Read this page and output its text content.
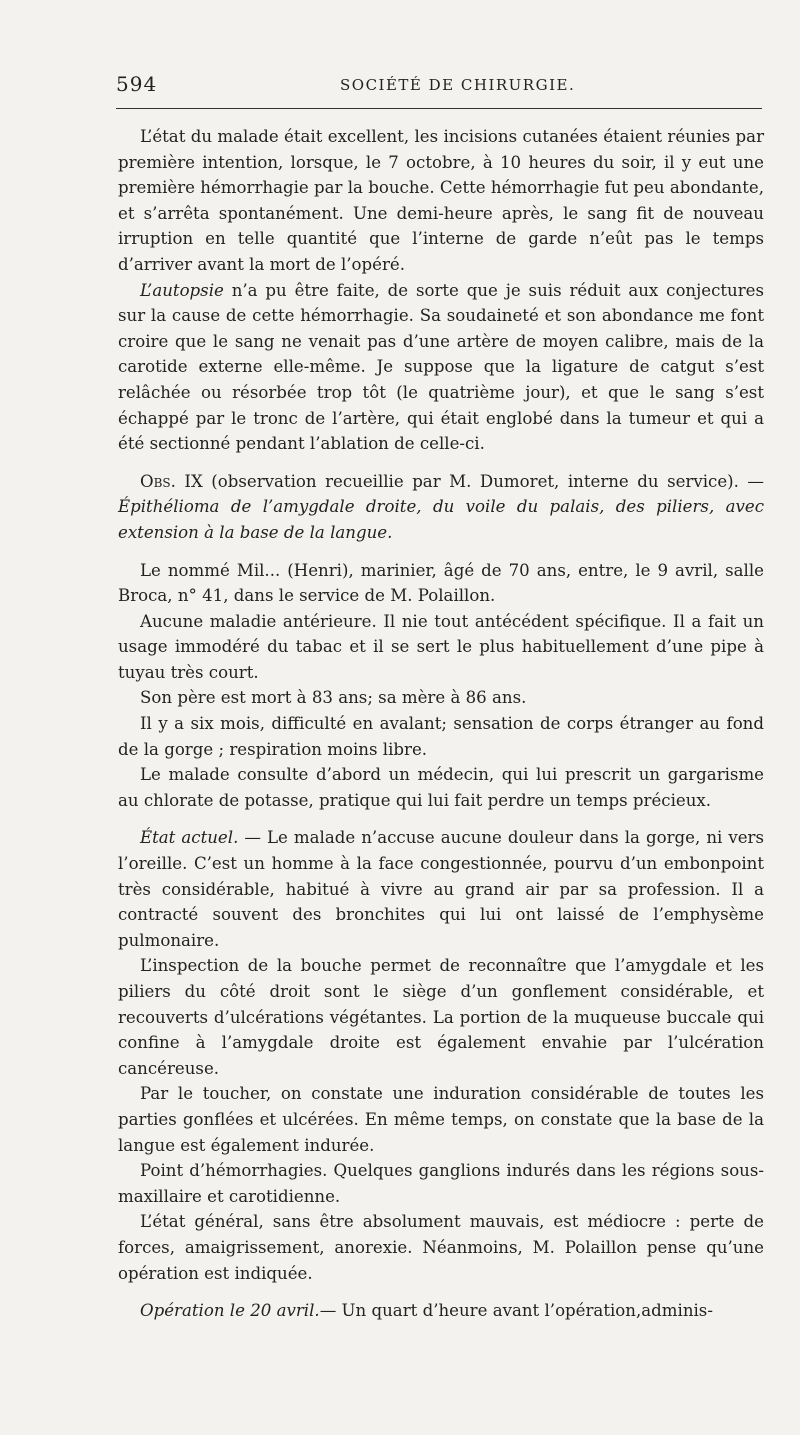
594	SOCIÉTÉ DE CHIRURGIE.

L’état du malade était excellent, les incisions cutanées étaient réunies par première intention, lorsque, le 7 octobre, à 10 heures du soir, il y eut une première hémorrhagie par la bouche. Cette hémorrhagie fut peu abondante, et s’arrêta spontanément. Une demi-heure après, le sang fit de nouveau irruption en telle quantité que l’interne de garde n’eût pas le temps d’arriver avant la mort de l’opéré.

L’autopsie n’a pu être faite, de sorte que je suis réduit aux conjectures sur la cause de cette hémorrhagie. Sa soudaineté et son abondance me font croire que le sang ne venait pas d’une artère de moyen calibre, mais de la carotide externe elle-même. Je suppose que la ligature de catgut s’est relâchée ou résorbée trop tôt (le quatrième jour), et que le sang s’est échappé par le tronc de l’artère, qui était englobé dans la tumeur et qui a été sectionné pendant l’ablation de celle-ci.

Obs. IX (observation recueillie par M. Dumoret, interne du service). — Épithélioma de l’amygdale droite, du voile du palais, des piliers, avec extension à la base de la langue.

Le nommé Mil... (Henri), marinier, âgé de 70 ans, entre, le 9 avril, salle Broca, n° 41, dans le service de M. Polaillon.

Aucune maladie antérieure. Il nie tout antécédent spécifique. Il a fait un usage immodéré du tabac et il se sert le plus habituellement d’une pipe à tuyau très court.

Son père est mort à 83 ans; sa mère à 86 ans.

Il y a six mois, difficulté en avalant; sensation de corps étranger au fond de la gorge ; respiration moins libre.

Le malade consulte d’abord un médecin, qui lui prescrit un gargarisme au chlorate de potasse, pratique qui lui fait perdre un temps précieux.

État actuel. — Le malade n’accuse aucune douleur dans la gorge, ni vers l’oreille. C’est un homme à la face congestionnée, pourvu d’un embonpoint très considérable, habitué à vivre au grand air par sa profession. Il a contracté souvent des bronchites qui lui ont laissé de l’emphysème pulmonaire.

L’inspection de la bouche permet de reconnaître que l’amygdale et les piliers du côté droit sont le siège d’un gonflement considérable, et recouverts d’ulcérations végétantes. La portion de la muqueuse buccale qui confine à l’amygdale droite est également envahie par l’ulcération cancéreuse.

Par le toucher, on constate une induration considérable de toutes les parties gonflées et ulcérées. En même temps, on constate que la base de la langue est également indurée.

Point d’hémorrhagies. Quelques ganglions indurés dans les régions sous-maxillaire et carotidienne.

L’état général, sans être absolument mauvais, est médiocre : perte de forces, amaigrissement, anorexie. Néanmoins, M. Polaillon pense qu’une opération est indiquée.

Opération le 20 avril.— Un quart d’heure avant l’opération,adminis-
